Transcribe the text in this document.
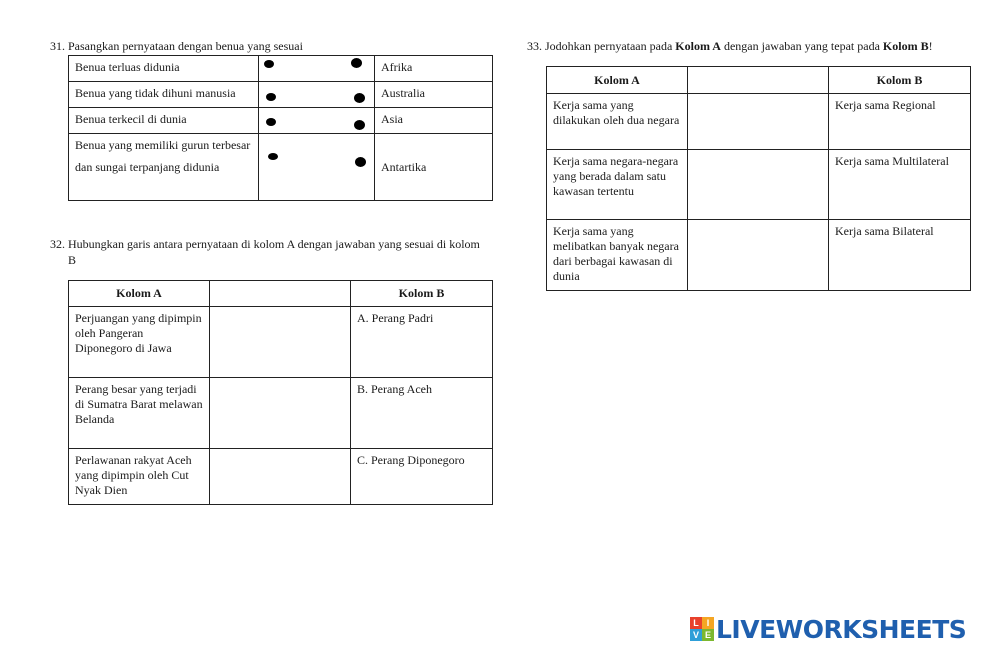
31. Pasangkan pernyataan dengan benua yang sesuai
Benua terluas didunia		Afrika
Benua yang tidak dihuni manusia		Australia
Benua terkecil di dunia		Asia
Benua yang memiliki gurun terbesar dan sungai terpanjang didunia		Antartika
32. Hubungkan garis antara pernyataan di kolom A dengan jawaban yang sesuai di kolom B
Kolom A		Kolom B
Perjuangan yang dipimpin oleh Pangeran Diponegoro di Jawa		A. Perang Padri
Perang besar yang terjadi di Sumatra Barat melawan Belanda		B. Perang Aceh
Perlawanan rakyat Aceh yang dipimpin oleh Cut Nyak Dien		C. Perang Diponegoro
33. Jodohkan pernyataan pada Kolom A dengan jawaban yang tepat pada Kolom B!
Kolom A		Kolom B
Kerja sama yang dilakukan oleh dua negara		Kerja sama Regional
Kerja sama negara-negara yang berada dalam satu kawasan tertentu		Kerja sama Multilateral
Kerja sama yang melibatkan banyak negara dari berbagai kawasan di dunia		Kerja sama Bilateral
L I
V E LIVEWORKSHEETS
